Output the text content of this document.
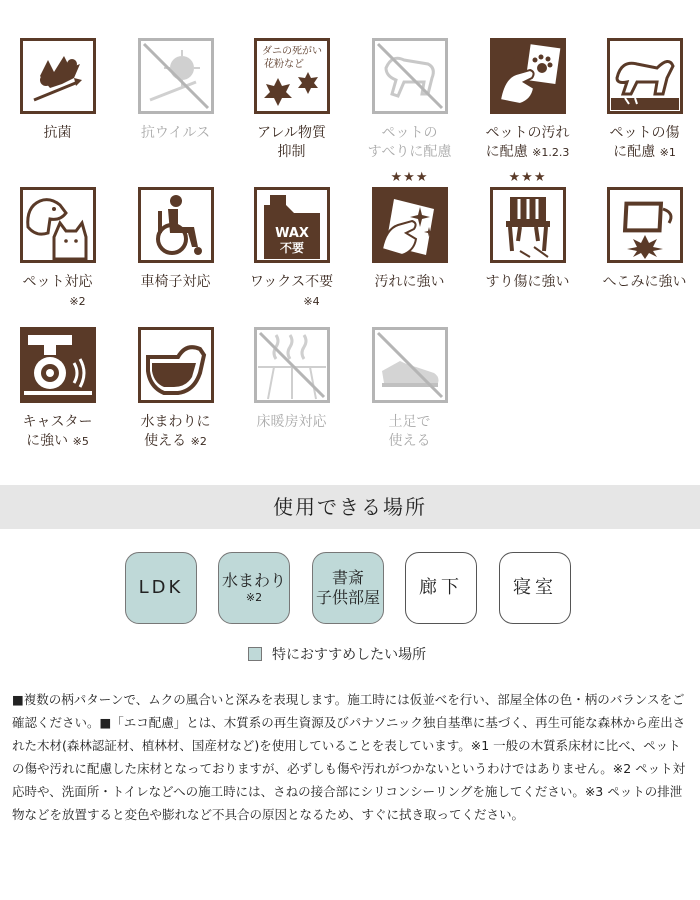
抗菌	抗ウイルス
ダニの死がい
花粉など
アレル物質
抑制
ペットの
すべりに配慮
ペットの汚れ
に配慮 ※1.2.3
ペットの傷
に配慮 ※1
ペット対応
※2
車椅子対応
WAX
不要
ワックス不要
※4
★★★
汚れに強い
★★★
すり傷に強い	へこみに強い
キャスター
に強い ※5
水まわりに
使える ※2
床暖房対応	土足で
使える
使用できる場所
LDK 水まわり
※2
書斎
子供部屋 廊下	寝室
特におすすめしたい場所
■複数の柄パターンで、ムクの風合いと深みを表現します。施工時には仮並べを行い、部屋全体の色・柄のバランスをご確認ください。■「エコ配慮」とは、木質系の再生資源及びパナソニック独自基準に基づく、再生可能な森林から産出された木材(森林認証材、植林材、国産材など)を使用していることを表しています。※1 一般の木質系床材に比べ、ペットの傷や汚れに配慮した床材となっておりますが、必ずしも傷や汚れがつかないというわけではありません。※2 ペット対応時や、洗面所・トイレなどへの施工時には、さねの接合部にシリコンシーリングを施してください。※3 ペットの排泄物などを放置すると変色や膨れなど不具合の原因となるため、すぐに拭き取ってください。
